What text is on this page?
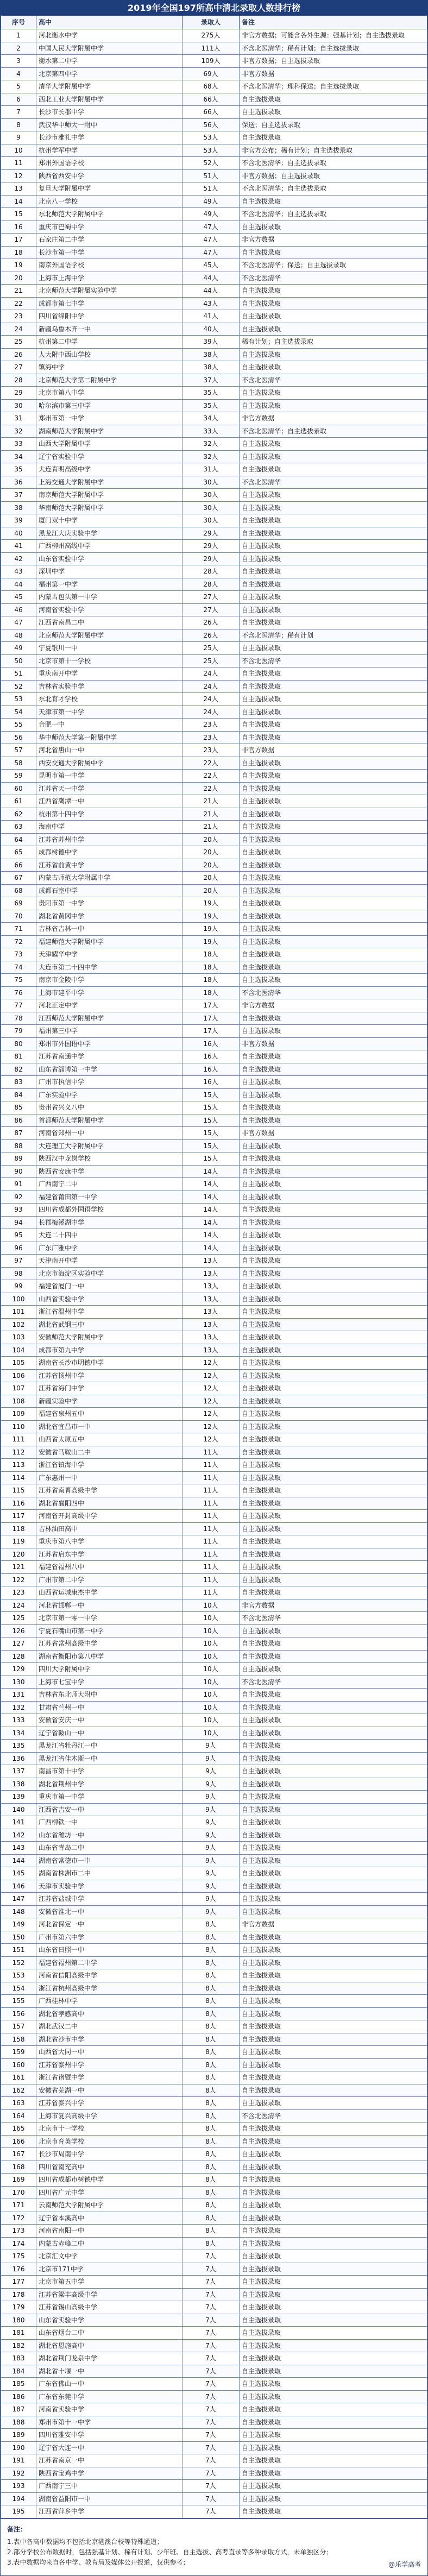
2019年全国197所高中清北录取人数排行榜
序号	高中	录取人	备注
1	河北衡水中学	275人	非官方数据；可能含各外生源：强基计划；自主选拔录取
2	中国人民大学附属中学	111人	不含北医清华；稀有计划；自主选拔录取
3	衡水第二中学	109人	非官方数据；自主选拔录取
4	北京第四中学	69人	非官方数据
5	清华大学附属中学	68人	不含北医清华；理科保送；自主选拔录取
6	西北工业大学附属中学	66人	自主选拔录取
7	长沙市长郡中学	66人	自主选拔录取
8	武汉华中师大一附中	56人	保送；自主选拔录取
9	长沙市雅礼中学	53人	自主选拔录取
10	杭州学军中学	53人	非官方公布；稀有计划；自主选拔录取
11	郑州外国语学校	52人	不含北医清华；自主选拔录取
12	陕西省西安中学	51人	非官方数据；自主选拔录取
13	复旦大学附属中学	51人	不含北医清华；自主选拔录取
14	北京八一学校	49人	自主选拔录取
15	东北师范大学附属中学	49人	不含北医清华；自主选拔录取
16	重庆市巴蜀中学	47人	自主选拔录取
17	石家庄第二中学	47人	非官方数据
18	长沙市第一中学	47人	自主选拔录取
19	南京外国语学校	45人	不含北医清华；保送；自主选拔录取
20	上海市上海中学	44人	不含北医清华
21	北京师范大学附属实验中学	44人	自主选拔录取
22	成都市第七中学	43人	自主选拔录取
23	四川省绵阳中学	41人	自主选拔录取
24	新疆乌鲁木齐一中	40人	自主选拔录取
25	杭州第二中学	39人	稀有计划；自主选拔录取
26	人大附中西山学校	38人	自主选拔录取
27	镇海中学	38人	自主选拔录取
28	北京师范大学第二附属中学	37人	不含北医清华
29	北京市第八中学	35人	自主选拔录取
30	哈尔滨市第三中学	35人	自主选拔录取
31	郑州市第一中学	34人	非官方数据
32	湖南师范大学附属中学	33人	不含北医清华；自主选拔录取
33	山西大学附属中学	32人	自主选拔录取
34	辽宁省实验中学	32人	自主选拔录取
35	大连育明高级中学	31人	自主选拔录取
36	上海交通大学附属中学	30人	不含北医清华
37	南京师范大学附属中学	30人	自主选拔录取
38	华南师范大学附属中学	30人	自主选拔录取
39	厦门双十中学	30人	自主选拔录取
40	黑龙江大庆实验中学	29人	自主选拔录取
41	广西柳州高级中学	29人	自主选拔录取
42	山东省实验中学	29人	自主选拔录取
43	深圳中学	28人	自主选拔录取
44	福州第一中学	28人	自主选拔录取
45	内蒙古包头第一中学	27人	自主选拔录取
46	河南省实验中学	27人	自主选拔录取
47	江西省南昌二中	26人	自主选拔录取
48	北京师范大学附属中学	26人	不含北医清华；稀有计划
49	宁夏银川一中	25人	自主选拔录取
50	北京市第十一学校	25人	不含北医清华
51	重庆南开中学	24人	自主选拔录取
52	吉林省实验中学	24人	自主选拔录取
53	东北育才学校	24人	自主选拔录取
54	天津市第一中学	24人	自主选拔录取
55	合肥一中	23人	自主选拔录取
56	华中师范大学第一附属中学	23人	自主选拔录取
57	河北省唐山一中	23人	非官方数据
58	西安交通大学附属中学	22人	自主选拔录取
59	昆明市第一中学	22人	自主选拔录取
60	江苏省天一中学	22人	自主选拔录取
61	江西省鹰潭一中	21人	自主选拔录取
62	杭州第十四中学	21人	自主选拔录取
63	海南中学	21人	自主选拔录取
64	江苏省苏州中学	20人	自主选拔录取
65	成都树德中学	20人	自主选拔录取
66	江苏省前黄中学	20人	自主选拔录取
67	内蒙古师范大学附属中学	20人	自主选拔录取
68	成都石室中学	20人	自主选拔录取
69	贵阳市第一中学	19人	自主选拔录取
70	湖北省黄冈中学	19人	自主选拔录取
71	吉林省吉林一中	19人	自主选拔录取
72	福建师范大学附属中学	19人	自主选拔录取
73	天津耀华中学	18人	自主选拔录取
74	大连市第二十四中学	18人	自主选拔录取
75	南京市金陵中学	18人	自主选拔录取
76	上海市建平中学	18人	不含北医清华
77	河北正定中学	17人	非官方数据
78	江西师范大学附属中学	17人	自主选拔录取
79	福州第三中学	17人	自主选拔录取
80	郑州市外国语中学	16人	非官方数据
81	江苏省南通中学	16人	自主选拔录取
82	山东省淄博第一中学	16人	自主选拔录取
83	广州市执信中学	16人	自主选拔录取
84	广东实验中学	15人	自主选拔录取
85	贵州省兴义八中	15人	自主选拔录取
86	首都师范大学附属中学	15人	自主选拔录取
87	河南省郑州一中	15人	非官方数据
88	大连理工大学附属中学	15人	自主选拔录取
89	陕西汉中龙岗学校	15人	自主选拔录取
90	陕西省安康中学	14人	自主选拔录取
91	广西南宁二中	14人	自主选拔录取
92	福建省莆田第一中学	14人	自主选拔录取
93	四川省成都外国语学校	14人	自主选拔录取
94	长郡梅溪湖中学	14人	自主选拔录取
95	大连二十四中	14人	自主选拔录取
96	广东广雅中学	14人	自主选拔录取
97	天津南开中学	13人	自主选拔录取
98	北京市海淀区实验中学	13人	自主选拔录取
99	福建省厦门一中	13人	自主选拔录取
100	山西省实验中学	13人	自主选拔录取
101	浙江省温州中学	13人	自主选拔录取
102	湖北省武钢三中	13人	自主选拔录取
103	安徽师范大学附属中学	13人	自主选拔录取
104	成都市第九中学	13人	自主选拔录取
105	湖南省长沙市明德中学	12人	自主选拔录取
106	江苏省扬州中学	12人	自主选拔录取
107	江苏省海门中学	12人	自主选拔录取
108	新疆实验中学	12人	自主选拔录取
109	福建省泉州五中	12人	自主选拔录取
110	湖北省宜昌市一中	12人	自主选拔录取
111	山西省太原五中	12人	自主选拔录取
112	安徽省马鞍山二中	11人	自主选拔录取
113	浙江省镇海中学	11人	自主选拔录取
114	广东惠州一中	11人	自主选拔录取
115	江苏省南菁高级中学	11人	自主选拔录取
116	湖北省襄阳四中	11人	自主选拔录取
117	河南省开封高级中学	11人	自主选拔录取
118	吉林油田高中	11人	自主选拔录取
119	重庆市第八中学	11人	自主选拔录取
120	江苏省启东中学	11人	自主选拔录取
121	福建省福州八中	11人	自主选拔录取
122	广州市第二中学	11人	自主选拔录取
123	山西省运城康杰中学	11人	自主选拔录取
124	河北省邯郸一中	10人	非官方数据
125	北京市第一零一中学	10人	不含北医清华
126	宁夏石嘴山市第一中学	10人	自主选拔录取
127	江苏省常州高级中学	10人	自主选拔录取
128	湖南省衡阳市第八中学	10人	自主选拔录取
129	四川大学附属中学	10人	自主选拔录取
130	上海市七宝中学	10人	不含北医清华
131	吉林省东北师大附中	10人	自主选拔录取
132	甘肃省兰州一中	10人	自主选拔录取
133	安徽省安庆一中	10人	自主选拔录取
134	辽宁省鞍山一中	10人	自主选拔录取
135	黑龙江省牡丹江一中	9人	自主选拔录取
136	黑龙江省佳木斯一中	9人	自主选拔录取
137	南昌市第十中学	9人	自主选拔录取
138	湖北省荆州中学	9人	自主选拔录取
139	重庆市第一中学	9人	自主选拔录取
140	江西省吉安一中	9人	自主选拔录取
141	广西柳铁一中	9人	自主选拔录取
142	山东省潍坊一中	9人	自主选拔录取
143	山东省青岛二中	9人	自主选拔录取
144	湖南省常德市一中	9人	自主选拔录取
145	湖南省株洲市二中	9人	自主选拔录取
146	天津市实验中学	9人	自主选拔录取
147	江苏省盐城中学	9人	自主选拔录取
148	安徽省淮北一中	9人	自主选拔录取
149	河北省保定一中	8人	非官方数据
150	广州市第六中学	8人	自主选拔录取
151	山东省日照一中	8人	自主选拔录取
152	福建省福州第二中学	8人	自主选拔录取
153	河南省信阳高级中学	8人	自主选拔录取
154	浙江省杭州高级中学	8人	自主选拔录取
155	广西桂林中学	8人	自主选拔录取
156	湖北省孝感高中	8人	自主选拔录取
157	湖北武汉二中	8人	自主选拔录取
158	湖北省沙市中学	8人	自主选拔录取
159	山西省大同一中	8人	自主选拔录取
160	江苏省泰州中学	8人	自主选拔录取
161	浙江省诸暨中学	8人	自主选拔录取
162	安徽省芜湖一中	8人	自主选拔录取
163	江苏省泰兴中学	8人	自主选拔录取
164	上海市复兴高级中学	8人	不含北医清华
165	北京市十一学校	8人	自主选拔录取
166	北京市育英学校	8人	自主选拔录取
167	长沙市周南中学	8人	自主选拔录取
168	四川省南充高中	8人	自主选拔录取
169	四川省成都市树德中学	8人	自主选拔录取
170	四川省广元中学	8人	自主选拔录取
171	云南师范大学附属中学	8人	自主选拔录取
172	辽宁省本溪高中	8人	自主选拔录取
173	河南省南阳一中	8人	自主选拔录取
174	内蒙古赤峰二中	8人	自主选拔录取
175	北京汇文中学	7人	自主选拔录取
176	北京市171中学	7人	自主选拔录取
177	北京市第五中学	7人	自主选拔录取
178	江苏省梁丰高级中学	7人	自主选拔录取
179	江苏省锡山高级中学	7人	自主选拔录取
180	山东省实验中学	7人	自主选拔录取
181	山东省烟台二中	7人	自主选拔录取
182	湖北省恩施高中	7人	自主选拔录取
183	湖北省荆门龙泉中学	7人	自主选拔录取
184	湖北省十堰一中	7人	自主选拔录取
185	广东省佛山一中	7人	自主选拔录取
186	广东省东莞中学	7人	自主选拔录取
187	河南省实验中学	7人	自主选拔录取
188	郑州市第十一中学	7人	自主选拔录取
189	四川省雅安中学	7人	自主选拔录取
190	辽宁省大连一中	7人	自主选拔录取
191	江苏省南京一中	7人	自主选拔录取
192	陕西省宝鸡中学	7人	自主选拔录取
193	广西南宁三中	7人	自主选拔录取
194	湖南省益阳市一中	7人	自主选拔录取
195	江西省萍乡中学	7人	自主选拔录取
备注：
1.表中各高中数据均不包括北京港澳台校等特殊通道；
2.部分学校公布数据时，包括强基计划、稀有计划、少年班、自主选拔、高考直录等多种录取方式，未单独区分；
3.表中数据均来自各中学、教育局及媒体公开报道，仅供参考；	@乐学高考
